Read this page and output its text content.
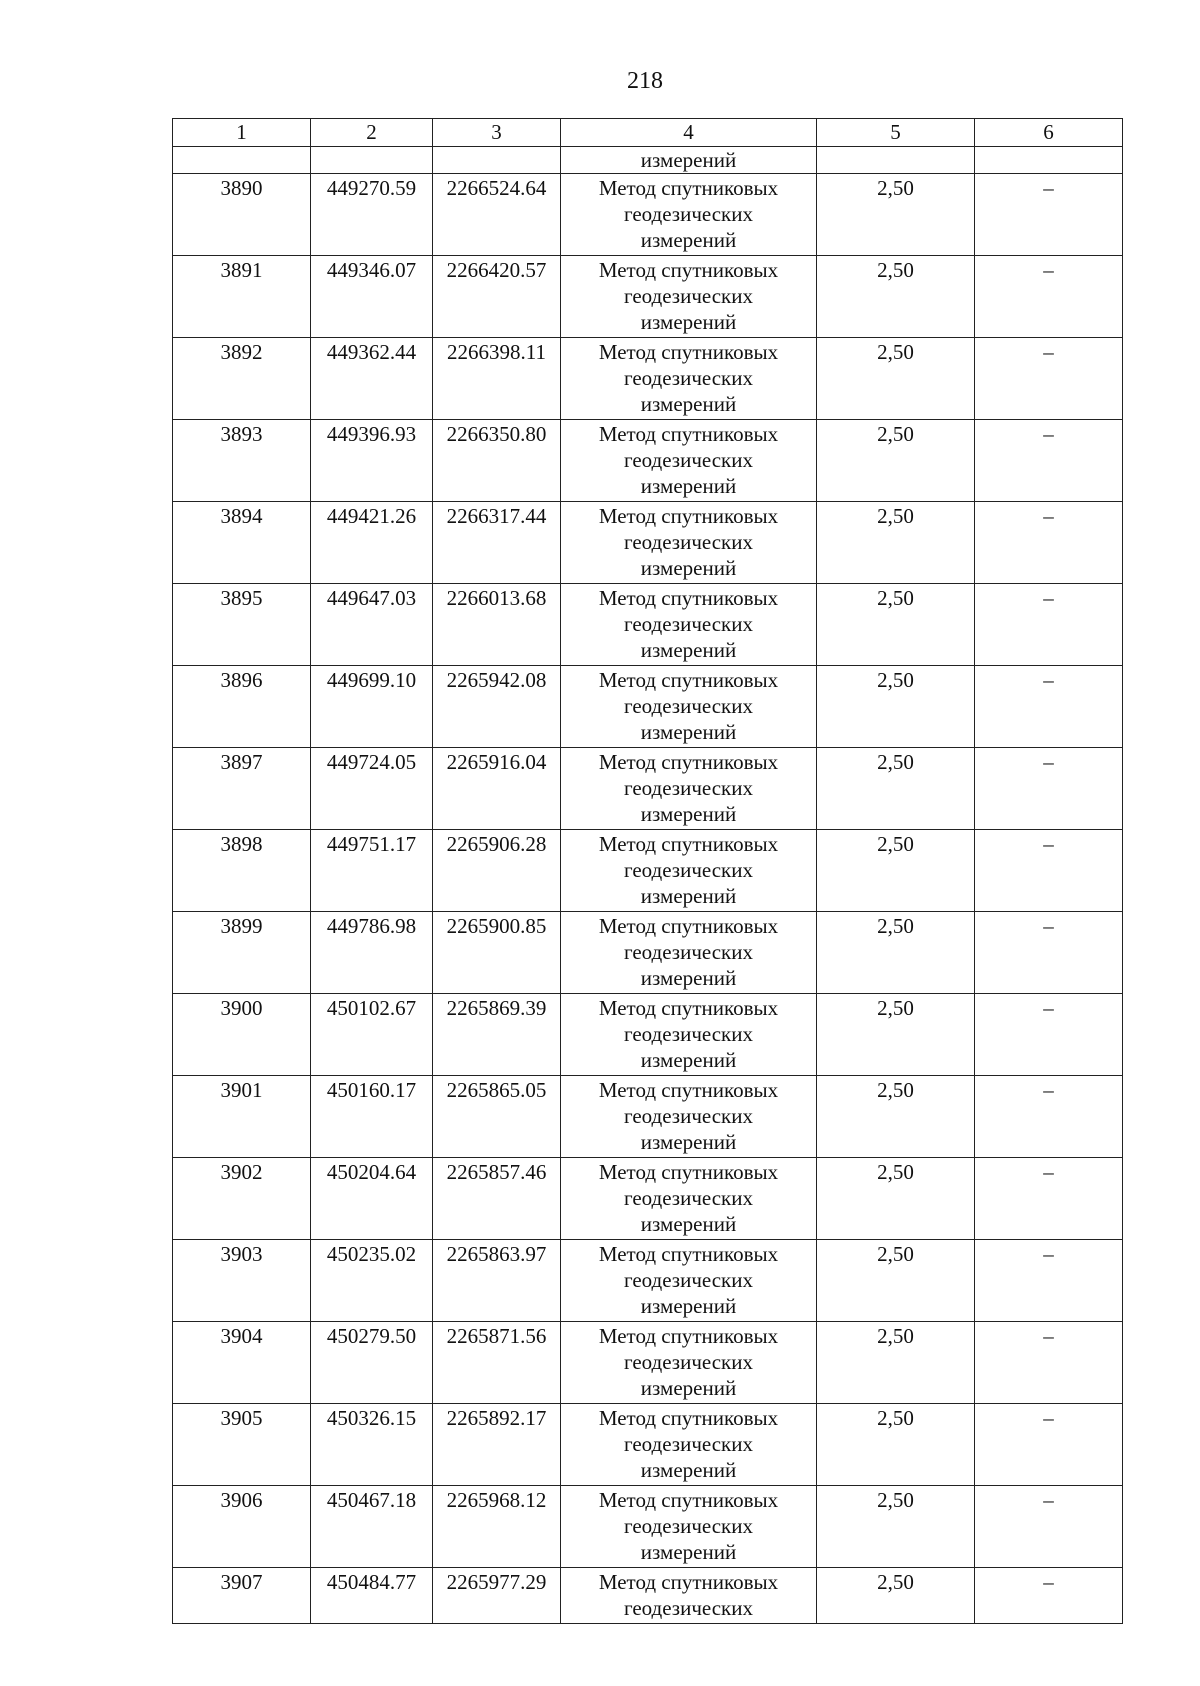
218
1	2	3	4	5	6
			измерений		
3890	449270.59	2266524.64	Метод спутниковых
геодезических
измерений	2,50	–
3891	449346.07	2266420.57	Метод спутниковых
геодезических
измерений	2,50	–
3892	449362.44	2266398.11	Метод спутниковых
геодезических
измерений	2,50	–
3893	449396.93	2266350.80	Метод спутниковых
геодезических
измерений	2,50	–
3894	449421.26	2266317.44	Метод спутниковых
геодезических
измерений	2,50	–
3895	449647.03	2266013.68	Метод спутниковых
геодезических
измерений	2,50	–
3896	449699.10	2265942.08	Метод спутниковых
геодезических
измерений	2,50	–
3897	449724.05	2265916.04	Метод спутниковых
геодезических
измерений	2,50	–
3898	449751.17	2265906.28	Метод спутниковых
геодезических
измерений	2,50	–
3899	449786.98	2265900.85	Метод спутниковых
геодезических
измерений	2,50	–
3900	450102.67	2265869.39	Метод спутниковых
геодезических
измерений	2,50	–
3901	450160.17	2265865.05	Метод спутниковых
геодезических
измерений	2,50	–
3902	450204.64	2265857.46	Метод спутниковых
геодезических
измерений	2,50	–
3903	450235.02	2265863.97	Метод спутниковых
геодезических
измерений	2,50	–
3904	450279.50	2265871.56	Метод спутниковых
геодезических
измерений	2,50	–
3905	450326.15	2265892.17	Метод спутниковых
геодезических
измерений	2,50	–
3906	450467.18	2265968.12	Метод спутниковых
геодезических
измерений	2,50	–
3907	450484.77	2265977.29	Метод спутниковых
геодезических	2,50	–
